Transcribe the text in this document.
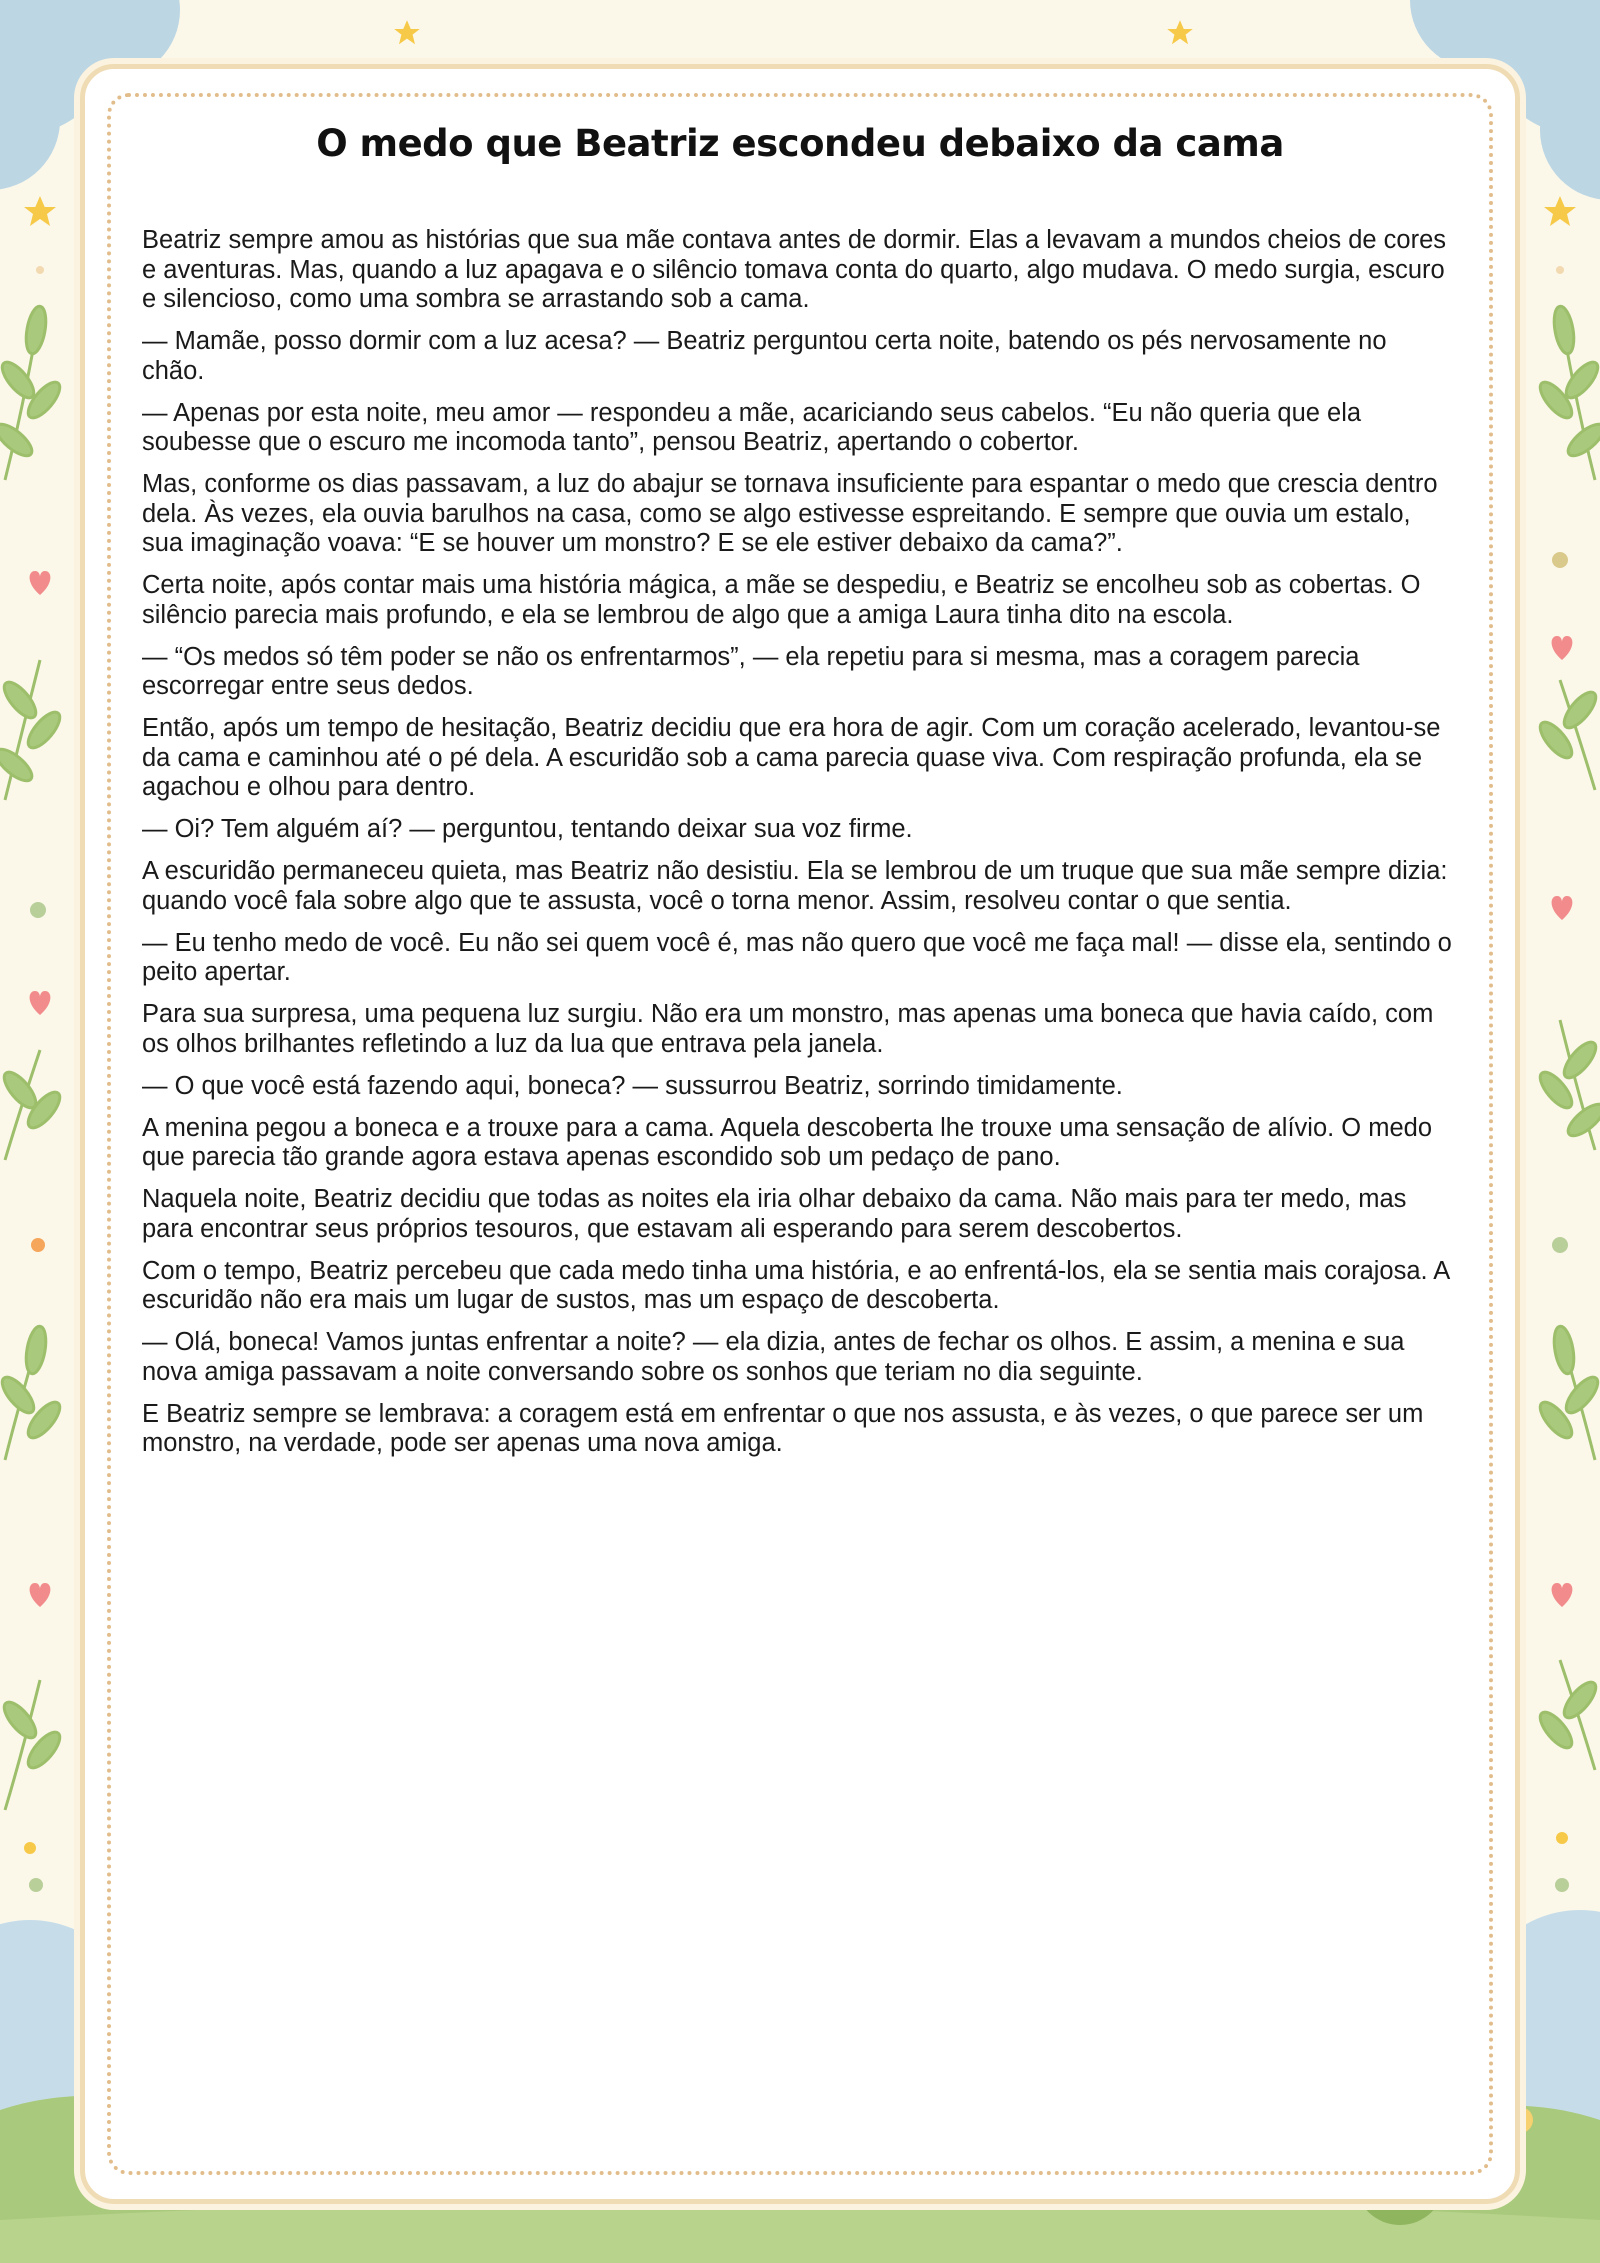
O medo que Beatriz escondeu debaixo da cama

Beatriz sempre amou as histórias que sua mãe contava antes de dormir. Elas a levavam a mundos cheios de cores e aventuras. Mas, quando a luz apagava e o silêncio tomava conta do quarto, algo mudava. O medo surgia, escuro e silencioso, como uma sombra se arrastando sob a cama.

— Mamãe, posso dormir com a luz acesa? — Beatriz perguntou certa noite, batendo os pés nervosamente no chão.

— Apenas por esta noite, meu amor — respondeu a mãe, acariciando seus cabelos. “Eu não queria que ela soubesse que o escuro me incomoda tanto”, pensou Beatriz, apertando o cobertor.

Mas, conforme os dias passavam, a luz do abajur se tornava insuficiente para espantar o medo que crescia dentro dela. Às vezes, ela ouvia barulhos na casa, como se algo estivesse espreitando. E sempre que ouvia um estalo, sua imaginação voava: “E se houver um monstro? E se ele estiver debaixo da cama?”.

Certa noite, após contar mais uma história mágica, a mãe se despediu, e Beatriz se encolheu sob as cobertas. O silêncio parecia mais profundo, e ela se lembrou de algo que a amiga Laura tinha dito na escola.

— “Os medos só têm poder se não os enfrentarmos”, — ela repetiu para si mesma, mas a coragem parecia escorregar entre seus dedos.

Então, após um tempo de hesitação, Beatriz decidiu que era hora de agir. Com um coração acelerado, levantou-se da cama e caminhou até o pé dela. A escuridão sob a cama parecia quase viva. Com respiração profunda, ela se agachou e olhou para dentro.

— Oi? Tem alguém aí? — perguntou, tentando deixar sua voz firme.

A escuridão permaneceu quieta, mas Beatriz não desistiu. Ela se lembrou de um truque que sua mãe sempre dizia: quando você fala sobre algo que te assusta, você o torna menor. Assim, resolveu contar o que sentia.

— Eu tenho medo de você. Eu não sei quem você é, mas não quero que você me faça mal! — disse ela, sentindo o peito apertar.

Para sua surpresa, uma pequena luz surgiu. Não era um monstro, mas apenas uma boneca que havia caído, com os olhos brilhantes refletindo a luz da lua que entrava pela janela.

— O que você está fazendo aqui, boneca? — sussurrou Beatriz, sorrindo timidamente.

A menina pegou a boneca e a trouxe para a cama. Aquela descoberta lhe trouxe uma sensação de alívio. O medo que parecia tão grande agora estava apenas escondido sob um pedaço de pano.

Naquela noite, Beatriz decidiu que todas as noites ela iria olhar debaixo da cama. Não mais para ter medo, mas para encontrar seus próprios tesouros, que estavam ali esperando para serem descobertos.

Com o tempo, Beatriz percebeu que cada medo tinha uma história, e ao enfrentá-los, ela se sentia mais corajosa. A escuridão não era mais um lugar de sustos, mas um espaço de descoberta.

— Olá, boneca! Vamos juntas enfrentar a noite? — ela dizia, antes de fechar os olhos. E assim, a menina e sua nova amiga passavam a noite conversando sobre os sonhos que teriam no dia seguinte.

E Beatriz sempre se lembrava: a coragem está em enfrentar o que nos assusta, e às vezes, o que parece ser um monstro, na verdade, pode ser apenas uma nova amiga.
